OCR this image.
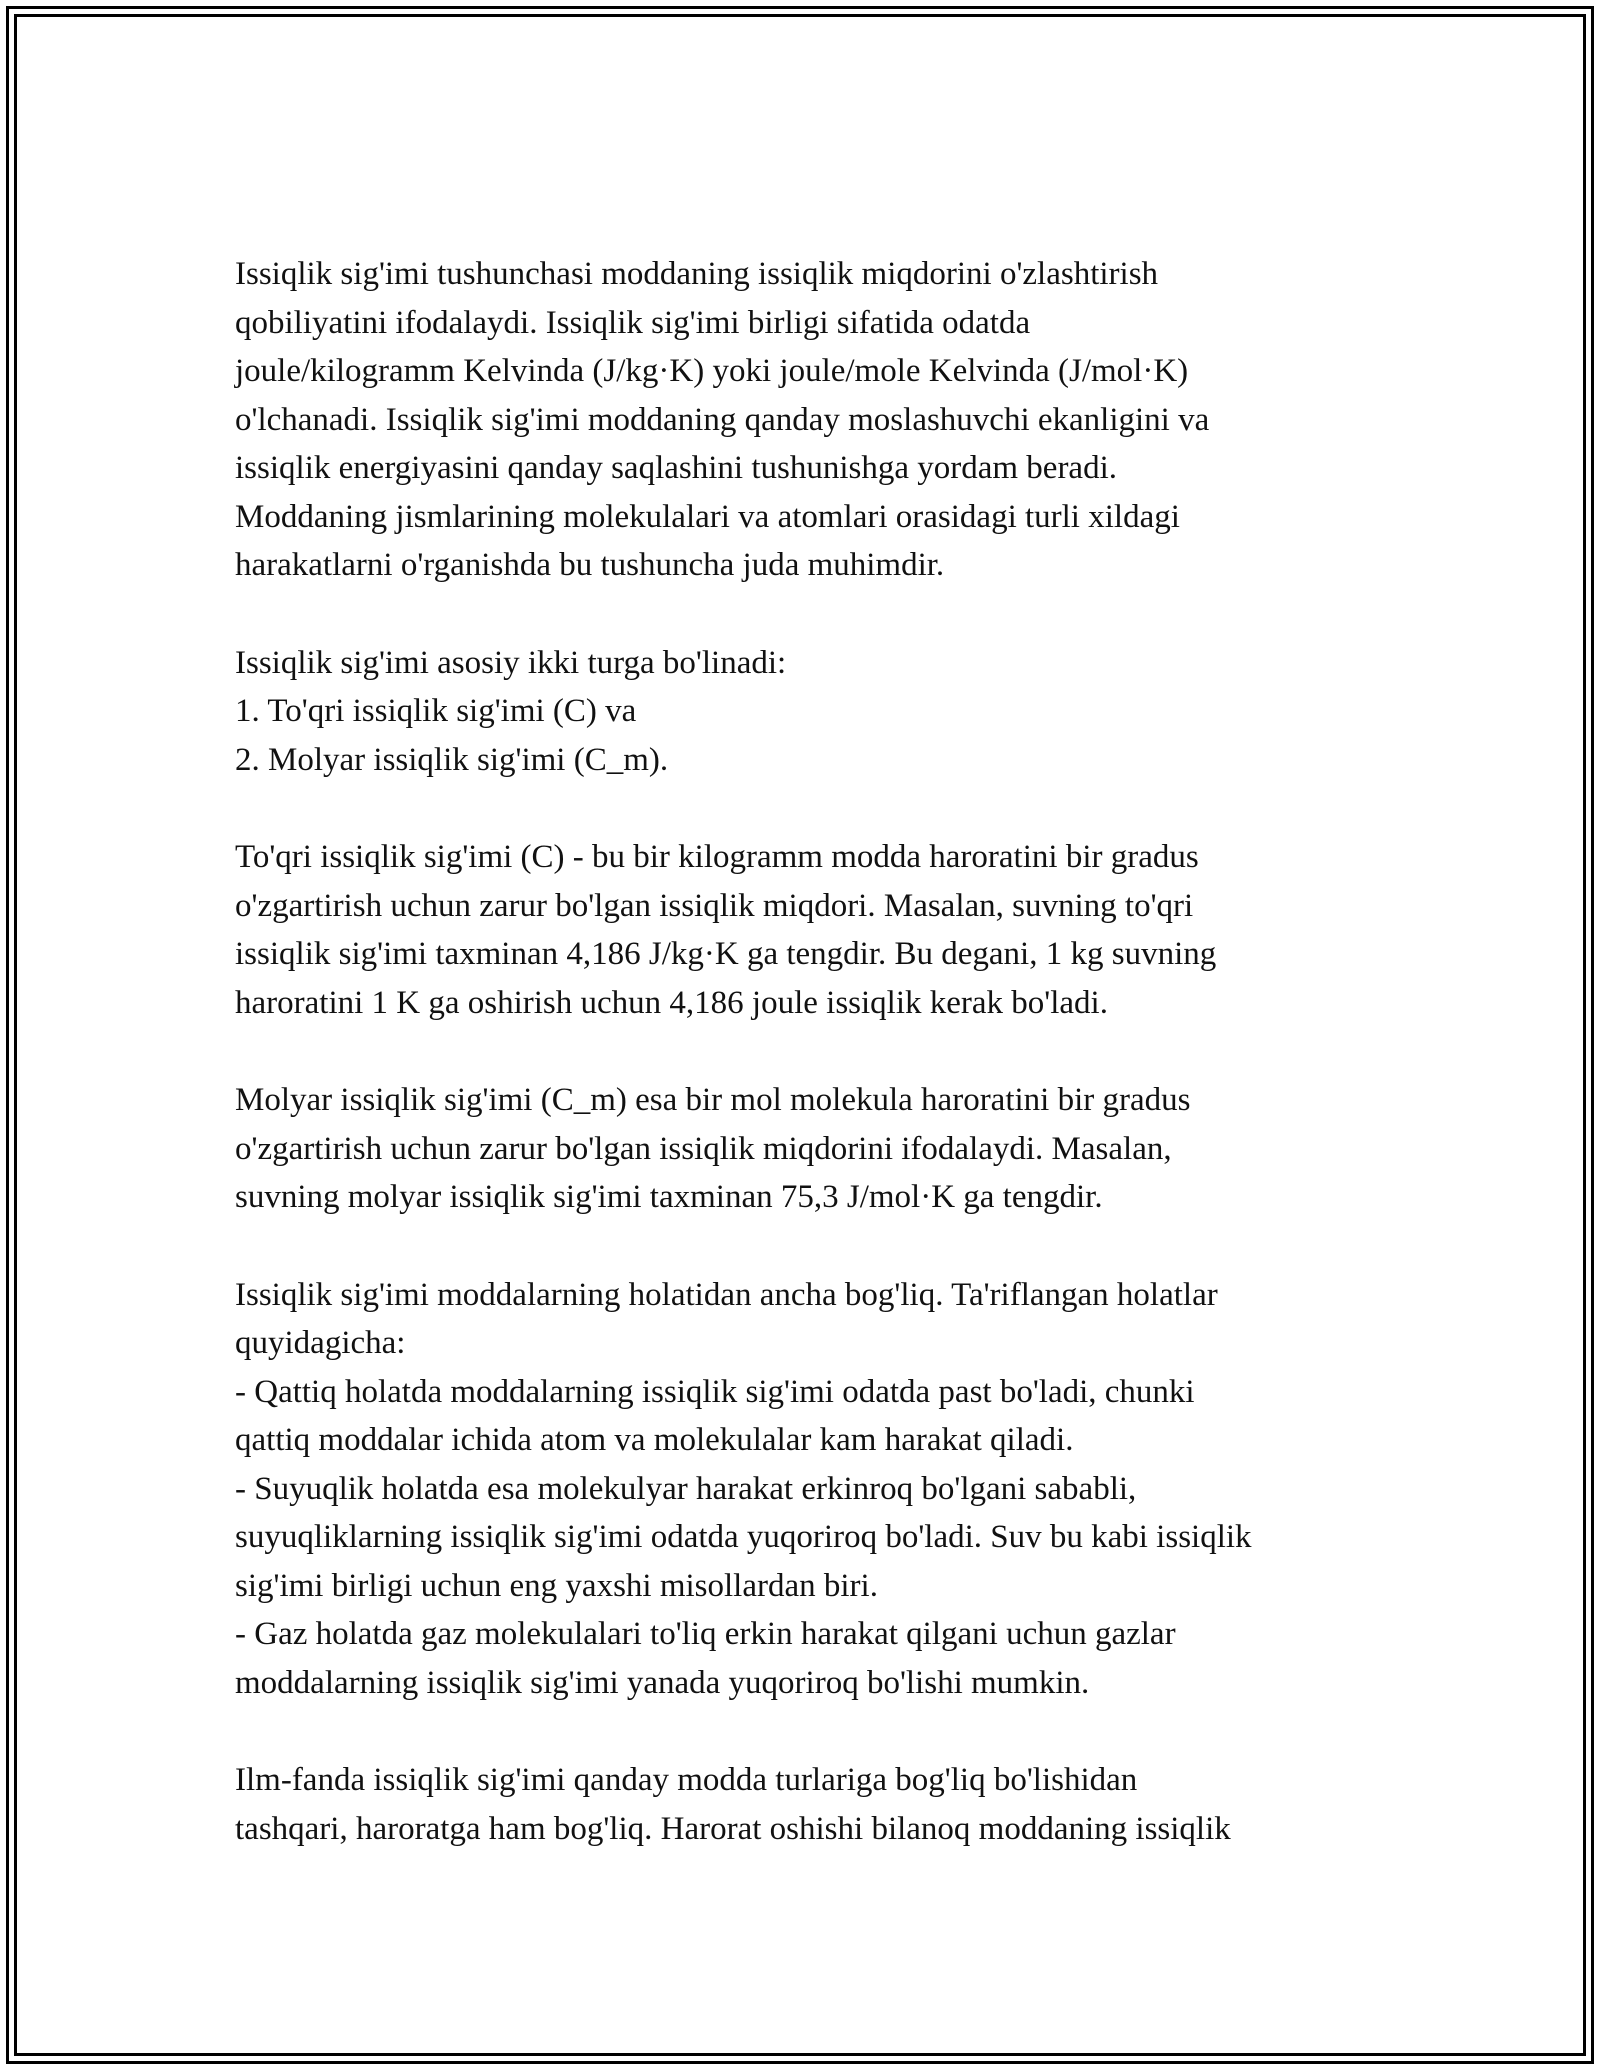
Issiqlik sig'imi tushunchasi moddaning issiqlik miqdorini o'zlashtirish
qobiliyatini ifodalaydi. Issiqlik sig'imi birligi sifatida odatda
joule/kilogramm Kelvinda (J/kg·K) yoki joule/mole Kelvinda (J/mol·K)
o'lchanadi. Issiqlik sig'imi moddaning qanday moslashuvchi ekanligini va
issiqlik energiyasini qanday saqlashini tushunishga yordam beradi.
Moddaning jismlarining molekulalari va atomlari orasidagi turli xildagi
harakatlarni o'rganishda bu tushuncha juda muhimdir.

Issiqlik sig'imi asosiy ikki turga bo'linadi:
1. To'qri issiqlik sig'imi (C) va
2. Molyar issiqlik sig'imi (C_m).

To'qri issiqlik sig'imi (C) - bu bir kilogramm modda haroratini bir gradus
o'zgartirish uchun zarur bo'lgan issiqlik miqdori. Masalan, suvning to'qri
issiqlik sig'imi taxminan 4,186 J/kg·K ga tengdir. Bu degani, 1 kg suvning
haroratini 1 K ga oshirish uchun 4,186 joule issiqlik kerak bo'ladi.

Molyar issiqlik sig'imi (C_m) esa bir mol molekula haroratini bir gradus
o'zgartirish uchun zarur bo'lgan issiqlik miqdorini ifodalaydi. Masalan,
suvning molyar issiqlik sig'imi taxminan 75,3 J/mol·K ga tengdir.

Issiqlik sig'imi moddalarning holatidan ancha bog'liq. Ta'riflangan holatlar
quyidagicha:
- Qattiq holatda moddalarning issiqlik sig'imi odatda past bo'ladi, chunki
qattiq moddalar ichida atom va molekulalar kam harakat qiladi.
- Suyuqlik holatda esa molekulyar harakat erkinroq bo'lgani sababli,
suyuqliklarning issiqlik sig'imi odatda yuqoriroq bo'ladi. Suv bu kabi issiqlik
sig'imi birligi uchun eng yaxshi misollardan biri.
- Gaz holatda gaz molekulalari to'liq erkin harakat qilgani uchun gazlar
moddalarning issiqlik sig'imi yanada yuqoriroq bo'lishi mumkin.

Ilm-fanda issiqlik sig'imi qanday modda turlariga bog'liq bo'lishidan
tashqari, haroratga ham bog'liq. Harorat oshishi bilanoq moddaning issiqlik
